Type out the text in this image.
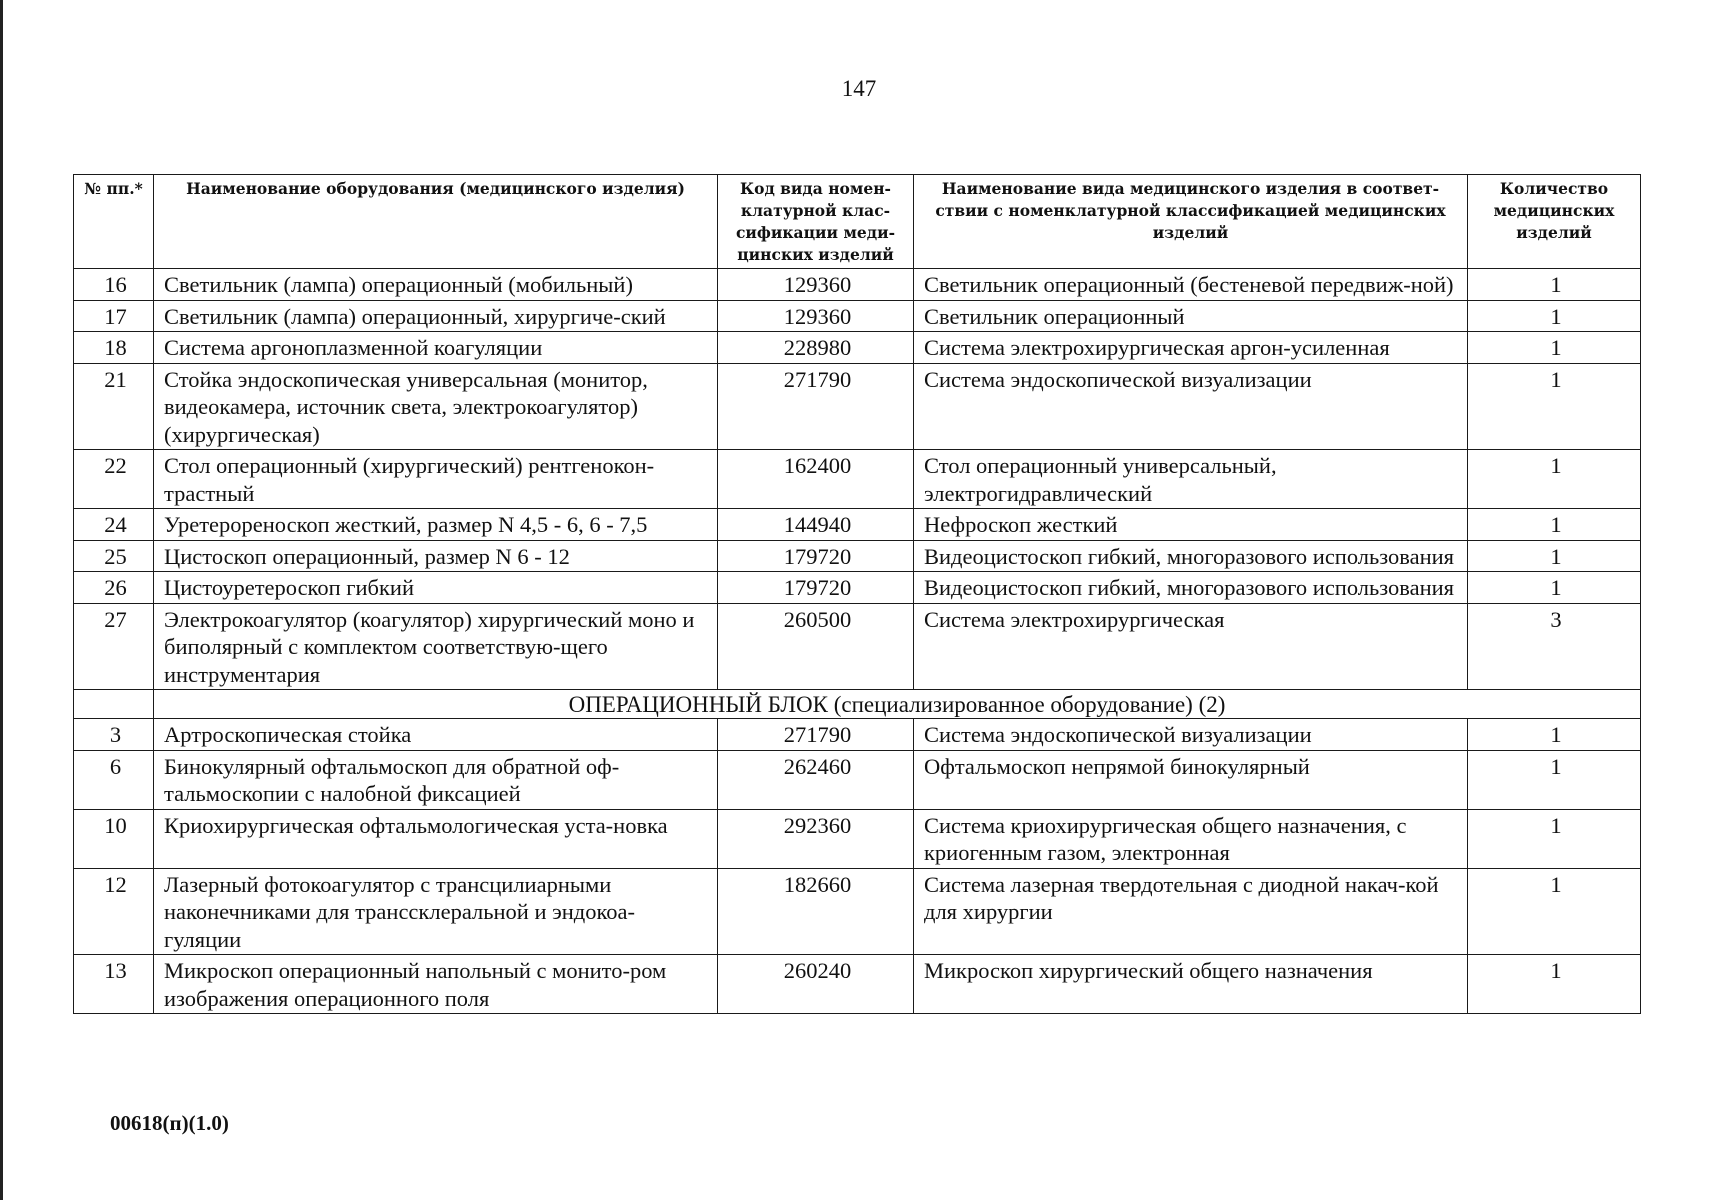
147
№ пп.*	Наименование оборудования (медицинского изделия)	Код вида номен-клатурной клас-сификации меди-цинских изделий	Наименование вида медицинского изделия в соответ-ствии с номенклатурной классификацией медицинских изделий	Количество медицинских изделий
16	Светильник (лампа) операционный (мобильный)	129360	Светильник операционный (бестеневой передвиж-ной)	1
17	Светильник (лампа) операционный, хирургиче-ский	129360	Светильник операционный	1
18	Система аргоноплазменной коагуляции	228980	Система электрохирургическая аргон-усиленная	1
21	Стойка эндоскопическая универсальная (монитор, видеокамера, источник света, электрокоагулятор) (хирургическая)	271790	Система эндоскопической визуализации	1
22	Стол операционный (хирургический) рентгенокон-трастный	162400	Стол операционный универсальный, электрогидравлический	1
24	Уретерореноскоп жесткий, размер N 4,5 - 6, 6 - 7,5	144940	Нефроскоп жесткий	1
25	Цистоскоп операционный, размер N 6 - 12	179720	Видеоцистоскоп гибкий, многоразового использования	1
26	Цистоуретероскоп гибкий	179720	Видеоцистоскоп гибкий, многоразового использования	1
27	Электрокоагулятор (коагулятор) хирургический моно и биполярный с комплектом соответствую-щего инструментария	260500	Система электрохирургическая	3
	ОПЕРАЦИОННЫЙ БЛОК (специализированное оборудование) (2)			
3	Артроскопическая стойка	271790	Система эндоскопической визуализации	1
6	Бинокулярный офтальмоскоп для обратной оф-тальмоскопии с налобной фиксацией	262460	Офтальмоскоп непрямой бинокулярный	1
10	Криохирургическая офтальмологическая уста-новка	292360	Система криохирургическая общего назначения, с криогенным газом, электронная	1
12	Лазерный фотокоагулятор с трансцилиарными наконечниками для транссклеральной и эндокоа-гуляции	182660	Система лазерная твердотельная с диодной накач-кой для хирургии	1
13	Микроскоп операционный напольный с монито-ром изображения операционного поля	260240	Микроскоп хирургический общего назначения	1
00618(п)(1.0)
